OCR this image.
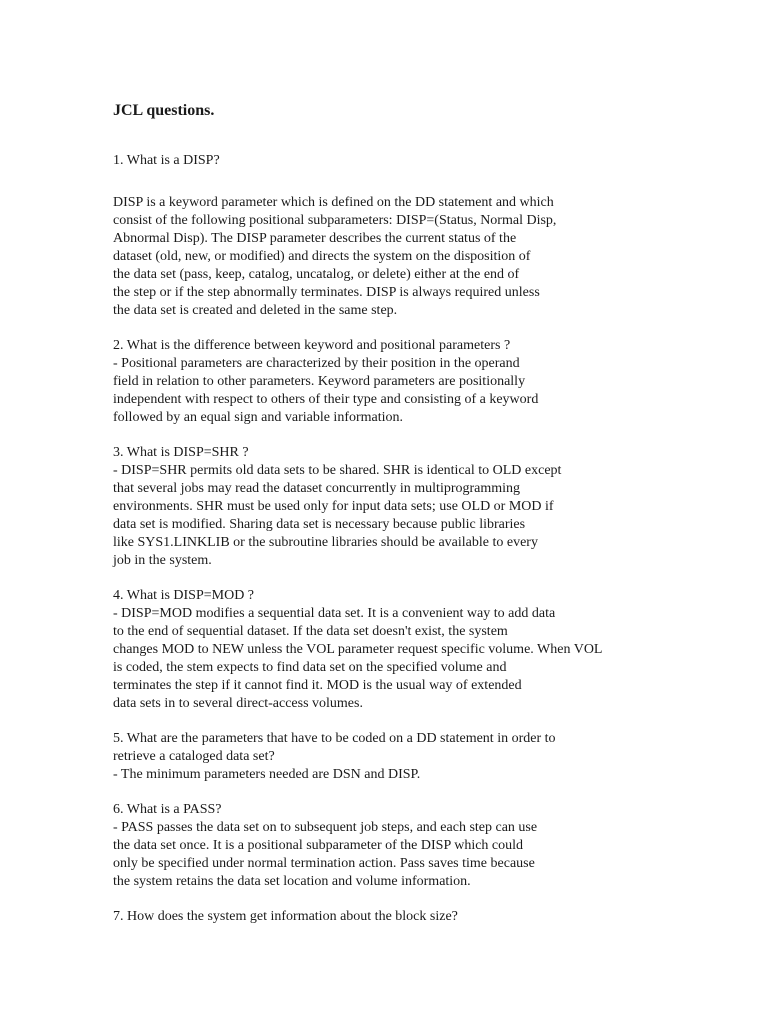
JCL questions.
1. What is a DISP?
DISP is a keyword parameter which is defined on the DD statement and which
consist of the following positional subparameters: DISP=(Status, Normal Disp,
Abnormal Disp). The DISP parameter describes the current status of the
dataset (old, new, or modified) and directs the system on the disposition of
the data set (pass, keep, catalog, uncatalog, or delete) either at the end of
the step or if the step abnormally terminates. DISP is always required unless
the data set is created and deleted in the same step.
2. What is the difference between keyword and positional parameters ?
- Positional parameters are characterized by their position in the operand
field in relation to other parameters. Keyword parameters are positionally
independent with respect to others of their type and consisting of a keyword
followed by an equal sign and variable information.
3. What is DISP=SHR ?
- DISP=SHR permits old data sets to be shared. SHR is identical to OLD except
that several jobs may read the dataset concurrently in multiprogramming
environments. SHR must be used only for input data sets; use OLD or MOD if
data set is modified. Sharing data set is necessary because public libraries
like SYS1.LINKLIB or the subroutine libraries should be available to every
job in the system.
4. What is DISP=MOD ?
- DISP=MOD modifies a sequential data set. It is a convenient way to add data
to the end of sequential dataset. If the data set doesn't exist, the system
changes MOD to NEW unless the VOL parameter request specific volume. When VOL
is coded, the stem expects to find data set on the specified volume and
terminates the step if it cannot find it. MOD is the usual way of extended
data sets in to several direct-access volumes.
5. What are the parameters that have to be coded on a DD statement in order to
retrieve a cataloged data set?
- The minimum parameters needed are DSN and DISP.
6. What is a PASS?
- PASS passes the data set on to subsequent job steps, and each step can use
the data set once. It is a positional subparameter of the DISP which could
only be specified under normal termination action. Pass saves time because
the system retains the data set location and volume information.
7. How does the system get information about the block size?
